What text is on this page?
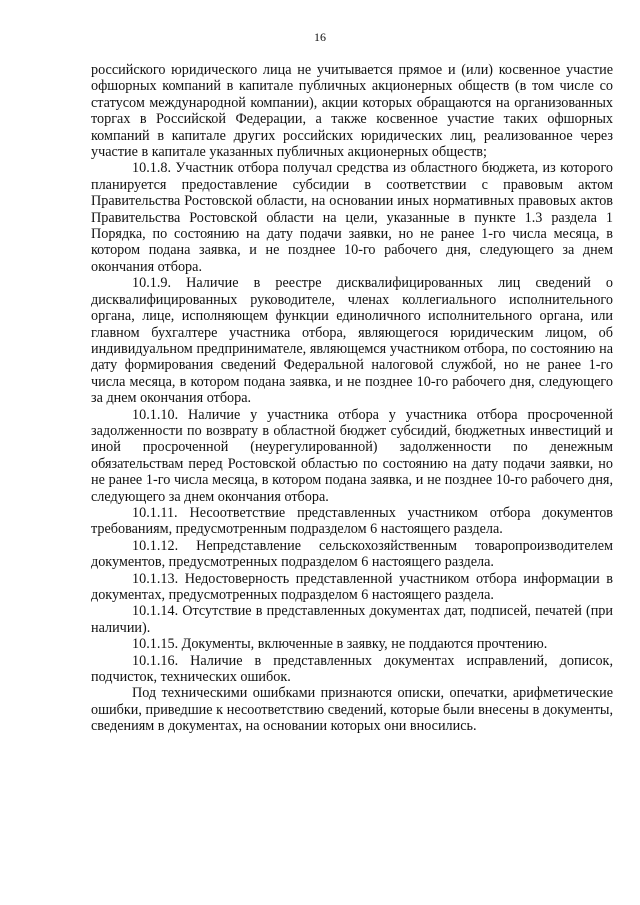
16

российского юридического лица не учитывается прямое и (или) косвенное участие офшорных компаний в капитале публичных акционерных обществ (в том числе со статусом международной компании), акции которых обращаются на организованных торгах в Российской Федерации, а также косвенное участие таких офшорных компаний в капитале других российских юридических лиц, реализованное через участие в капитале указанных публичных акционерных обществ;

10.1.8. Участник отбора получал средства из областного бюджета, из которого планируется предоставление субсидии в соответствии с правовым актом Правительства Ростовской области, на основании иных нормативных правовых актов Правительства Ростовской области на цели, указанные в пункте 1.3 раздела 1 Порядка, по состоянию на дату подачи заявки, но не ранее 1-го числа месяца, в котором подана заявка, и не позднее 10-го рабочего дня, следующего за днем окончания отбора.

10.1.9. Наличие в реестре дисквалифицированных лиц сведений о дисквалифицированных руководителе, членах коллегиального исполнительного органа, лице, исполняющем функции единоличного исполнительного органа, или главном бухгалтере участника отбора, являющегося юридическим лицом, об индивидуальном предпринимателе, являющемся участником отбора, по состоянию на дату формирования сведений Федеральной налоговой службой, но не ранее 1-го числа месяца, в котором подана заявка, и не позднее 10-го рабочего дня, следующего за днем окончания отбора.

10.1.10. Наличие у участника отбора у участника отбора просроченной задолженности по возврату в областной бюджет субсидий, бюджетных инвестиций и иной просроченной (неурегулированной) задолженности по денежным обязательствам перед Ростовской областью по состоянию на дату подачи заявки, но не ранее 1-го числа месяца, в котором подана заявка, и не позднее 10-го рабочего дня, следующего за днем окончания отбора.

10.1.11. Несоответствие представленных участником отбора документов требованиям, предусмотренным подразделом 6 настоящего раздела.

10.1.12. Непредставление сельскохозяйственным товаропроизводителем документов, предусмотренных подразделом 6 настоящего раздела.

10.1.13. Недостоверность представленной участником отбора информации в документах, предусмотренных подразделом 6 настоящего раздела.

10.1.14. Отсутствие в представленных документах дат, подписей, печатей (при наличии).

10.1.15. Документы, включенные в заявку, не поддаются прочтению.

10.1.16. Наличие в представленных документах исправлений, дописок, подчисток, технических ошибок.

Под техническими ошибками признаются описки, опечатки, арифметические ошибки, приведшие к несоответствию сведений, которые были внесены в документы, сведениям в документах, на основании которых они вносились.
